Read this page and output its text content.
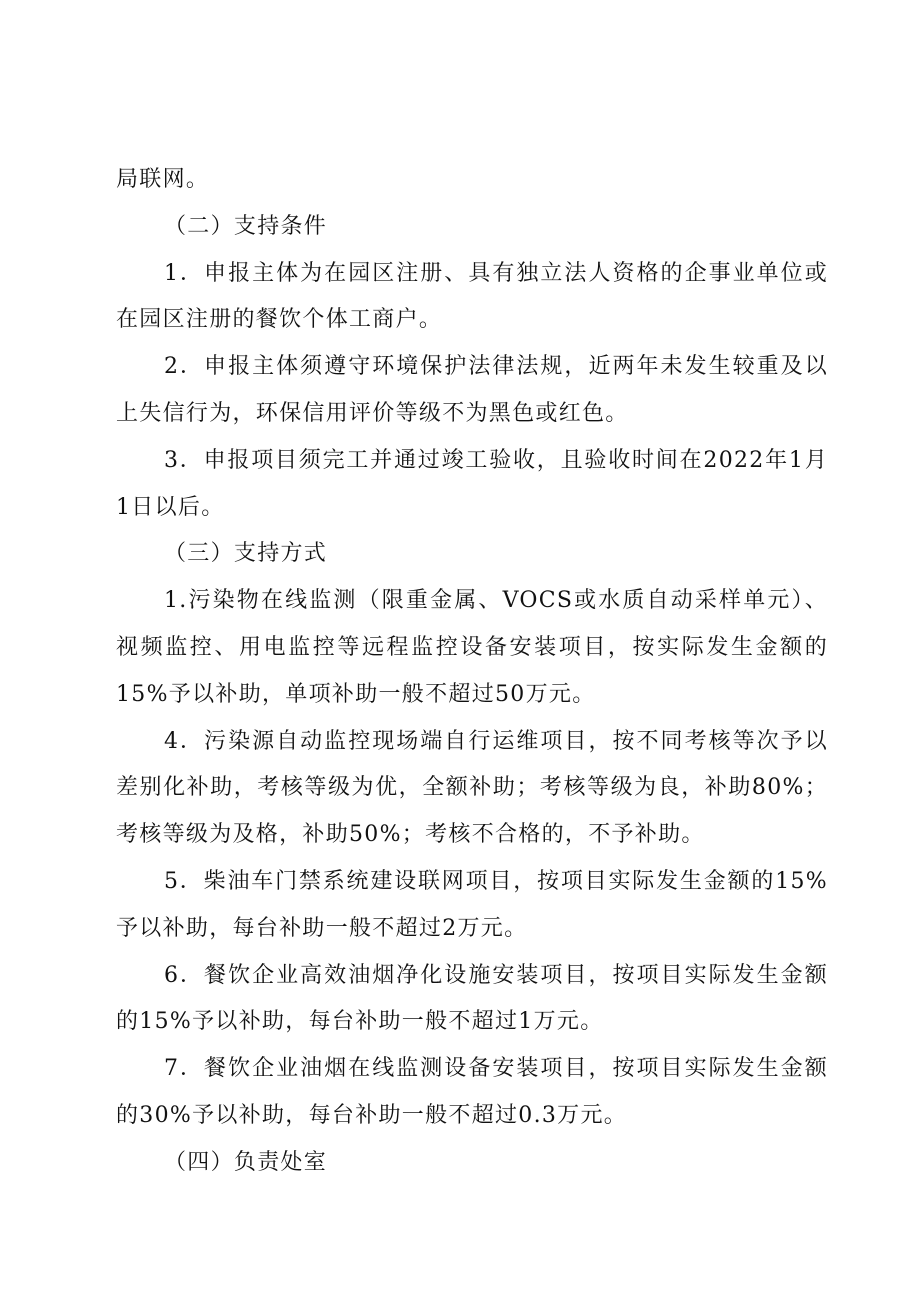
局联网。

（二）支持条件

1．申报主体为在园区注册、具有独立法人资格的企事业单位或在园区注册的餐饮个体工商户。

2．申报主体须遵守环境保护法律法规，近两年未发生较重及以上失信行为，环保信用评价等级不为黑色或红色。

3．申报项目须完工并通过竣工验收，且验收时间在2022年1月1日以后。

（三）支持方式

1.污染物在线监测（限重金属、VOCS或水质自动采样单元）、视频监控、用电监控等远程监控设备安装项目，按实际发生金额的15%予以补助，单项补助一般不超过50万元。

4．污染源自动监控现场端自行运维项目，按不同考核等次予以差别化补助，考核等级为优，全额补助；考核等级为良，补助80%；考核等级为及格，补助50%；考核不合格的，不予补助。

5．柴油车门禁系统建设联网项目，按项目实际发生金额的15%予以补助，每台补助一般不超过2万元。

6．餐饮企业高效油烟净化设施安装项目，按项目实际发生金额的15%予以补助，每台补助一般不超过1万元。

7．餐饮企业油烟在线监测设备安装项目，按项目实际发生金额的30%予以补助，每台补助一般不超过0.3万元。

（四）负责处室
